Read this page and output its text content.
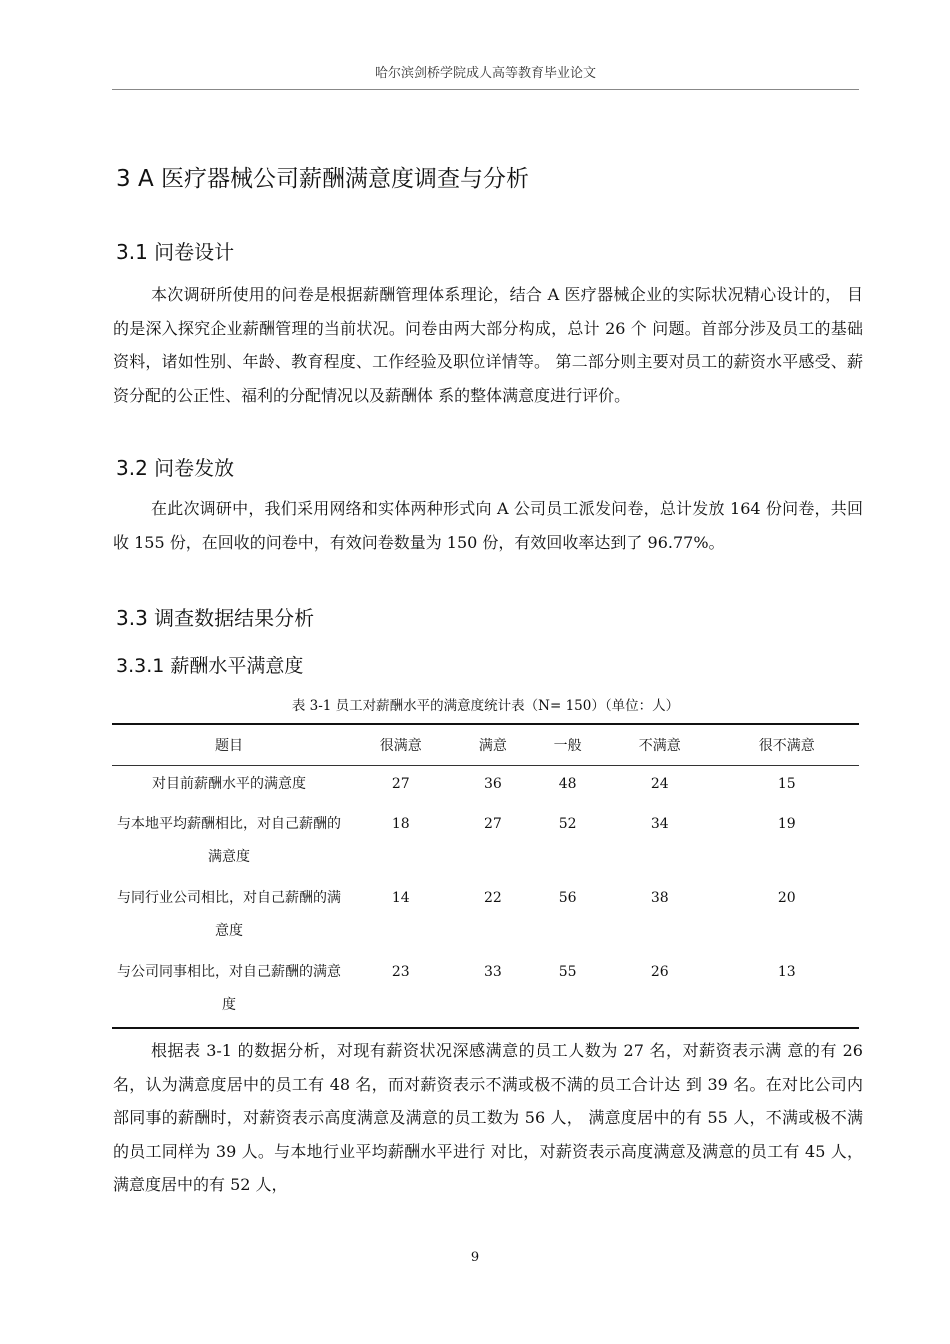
哈尔滨剑桥学院成人高等教育毕业论文
3 A 医疗器械公司薪酬满意度调查与分析
3.1 问卷设计

本次调研所使用的问卷是根据薪酬管理体系理论，结合 A 医疗器械企业的实际状况精心设计的， 目的是深入探究企业薪酬管理的当前状况。问卷由两大部分构成，总计 26 个 问题。首部分涉及员工的基础资料，诸如性别、年龄、教育程度、工作经验及职位详情等。 第二部分则主要对员工的薪资水平感受、薪资分配的公正性、福利的分配情况以及薪酬体 系的整体满意度进行评价。

3.2 问卷发放

在此次调研中，我们采用网络和实体两种形式向 A 公司员工派发问卷，总计发放 164 份问卷，共回收 155 份，在回收的问卷中，有效问卷数量为 150 份，有效回收率达到了 96.77%。

3.3 调查数据结果分析
3.3.1 薪酬水平满意度
表 3-1 员工对薪酬水平的满意度统计表（N= 150）（单位：人）
题目	很满意	满意	一般	不满意	很不满意
对目前薪酬水平的满意度	27	36	48	24	15
与本地平均薪酬相比，对自己薪酬的满意度	18	27	52	34	19
与同行业公司相比，对自己薪酬的满意度	14	22	56	38	20
与公司同事相比，对自己薪酬的满意度	23	33	55	26	13

根据表 3-1 的数据分析，对现有薪资状况深感满意的员工人数为 27 名，对薪资表示满 意的有 26 名，认为满意度居中的员工有 48 名，而对薪资表示不满或极不满的员工合计达 到 39 名。在对比公司内部同事的薪酬时，对薪资表示高度满意及满意的员工数为 56 人， 满意度居中的有 55 人，不满或极不满的员工同样为 39 人。与本地行业平均薪酬水平进行 对比，对薪资表示高度满意及满意的员工有 45 人，满意度居中的有 52 人，

9
